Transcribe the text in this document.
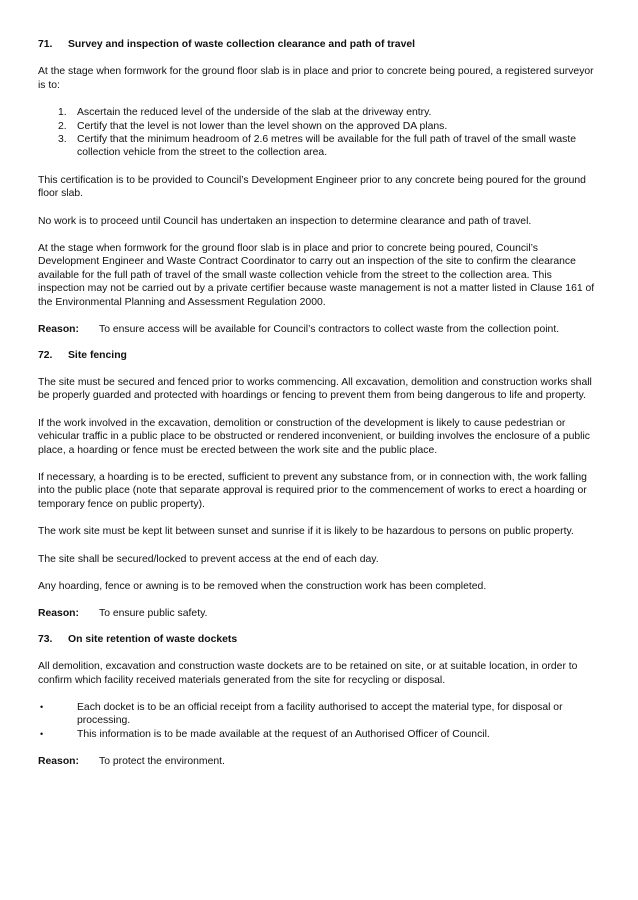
71. Survey and inspection of waste collection clearance and path of travel

At the stage when formwork for the ground floor slab is in place and prior to concrete being poured, a registered surveyor is to:

1. Ascertain the reduced level of the underside of the slab at the driveway entry.
2. Certify that the level is not lower than the level shown on the approved DA plans.
3. Certify that the minimum headroom of 2.6 metres will be available for the full path of travel of the small waste collection vehicle from the street to the collection area.

This certification is to be provided to Council’s Development Engineer prior to any concrete being poured for the ground floor slab.

No work is to proceed until Council has undertaken an inspection to determine clearance and path of travel.

At the stage when formwork for the ground floor slab is in place and prior to concrete being poured, Council’s Development Engineer and Waste Contract Coordinator to carry out an inspection of the site to confirm the clearance available for the full path of travel of the small waste collection vehicle from the street to the collection area. This inspection may not be carried out by a private certifier because waste management is not a matter listed in Clause 161 of the Environmental Planning and Assessment Regulation 2000.

Reason: To ensure access will be available for Council’s contractors to collect waste from the collection point.

72. Site fencing

The site must be secured and fenced prior to works commencing. All excavation, demolition and construction works shall be properly guarded and protected with hoardings or fencing to prevent them from being dangerous to life and property.

If the work involved in the excavation, demolition or construction of the development is likely to cause pedestrian or vehicular traffic in a public place to be obstructed or rendered inconvenient, or building involves the enclosure of a public place, a hoarding or fence must be erected between the work site and the public place.

If necessary, a hoarding is to be erected, sufficient to prevent any substance from, or in connection with, the work falling into the public place (note that separate approval is required prior to the commencement of works to erect a hoarding or temporary fence on public property).

The work site must be kept lit between sunset and sunrise if it is likely to be hazardous to persons on public property.

The site shall be secured/locked to prevent access at the end of each day.

Any hoarding, fence or awning is to be removed when the construction work has been completed.

Reason: To ensure public safety.

73. On site retention of waste dockets

All demolition, excavation and construction waste dockets are to be retained on site, or at suitable location, in order to confirm which facility received materials generated from the site for recycling or disposal.

•	Each docket is to be an official receipt from a facility authorised to accept the material type, for disposal or processing.
•	This information is to be made available at the request of an Authorised Officer of Council.
Reason: To protect the environment.
